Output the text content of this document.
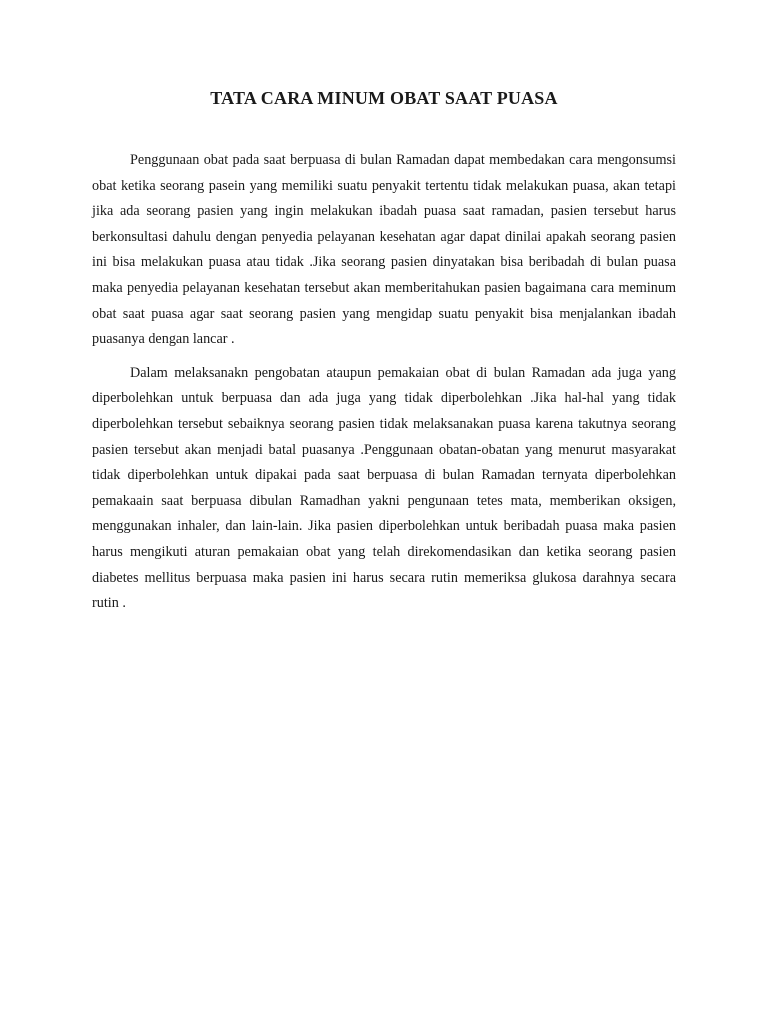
TATA CARA MINUM OBAT SAAT PUASA

Penggunaan obat pada saat berpuasa di bulan Ramadan dapat membedakan cara mengonsumsi obat ketika seorang pasein yang memiliki suatu penyakit tertentu tidak melakukan puasa, akan tetapi jika ada seorang pasien yang ingin melakukan ibadah puasa saat ramadan, pasien tersebut harus berkonsultasi dahulu dengan penyedia pelayanan kesehatan agar dapat dinilai apakah seorang pasien ini bisa melakukan puasa atau tidak .Jika seorang pasien dinyatakan bisa beribadah di bulan puasa maka penyedia pelayanan kesehatan tersebut akan memberitahukan pasien bagaimana cara meminum obat saat puasa agar saat seorang pasien yang mengidap suatu penyakit bisa menjalankan ibadah puasanya dengan lancar .

Dalam melaksanakn pengobatan ataupun pemakaian obat di bulan Ramadan ada juga yang diperbolehkan untuk berpuasa dan ada juga yang tidak diperbolehkan .Jika hal-hal yang tidak diperbolehkan tersebut sebaiknya seorang pasien tidak melaksanakan puasa karena takutnya seorang pasien tersebut akan menjadi batal puasanya .Penggunaan obatan-obatan yang menurut masyarakat tidak diperbolehkan untuk dipakai pada saat berpuasa di bulan Ramadan ternyata diperbolehkan pemakaain saat berpuasa dibulan Ramadhan yakni pengunaan tetes mata, memberikan oksigen, menggunakan inhaler, dan lain-lain. Jika pasien diperbolehkan untuk beribadah puasa maka pasien harus mengikuti aturan pemakaian obat yang telah direkomendasikan dan ketika seorang pasien diabetes mellitus berpuasa maka pasien ini harus secara rutin memeriksa glukosa darahnya secara rutin .
